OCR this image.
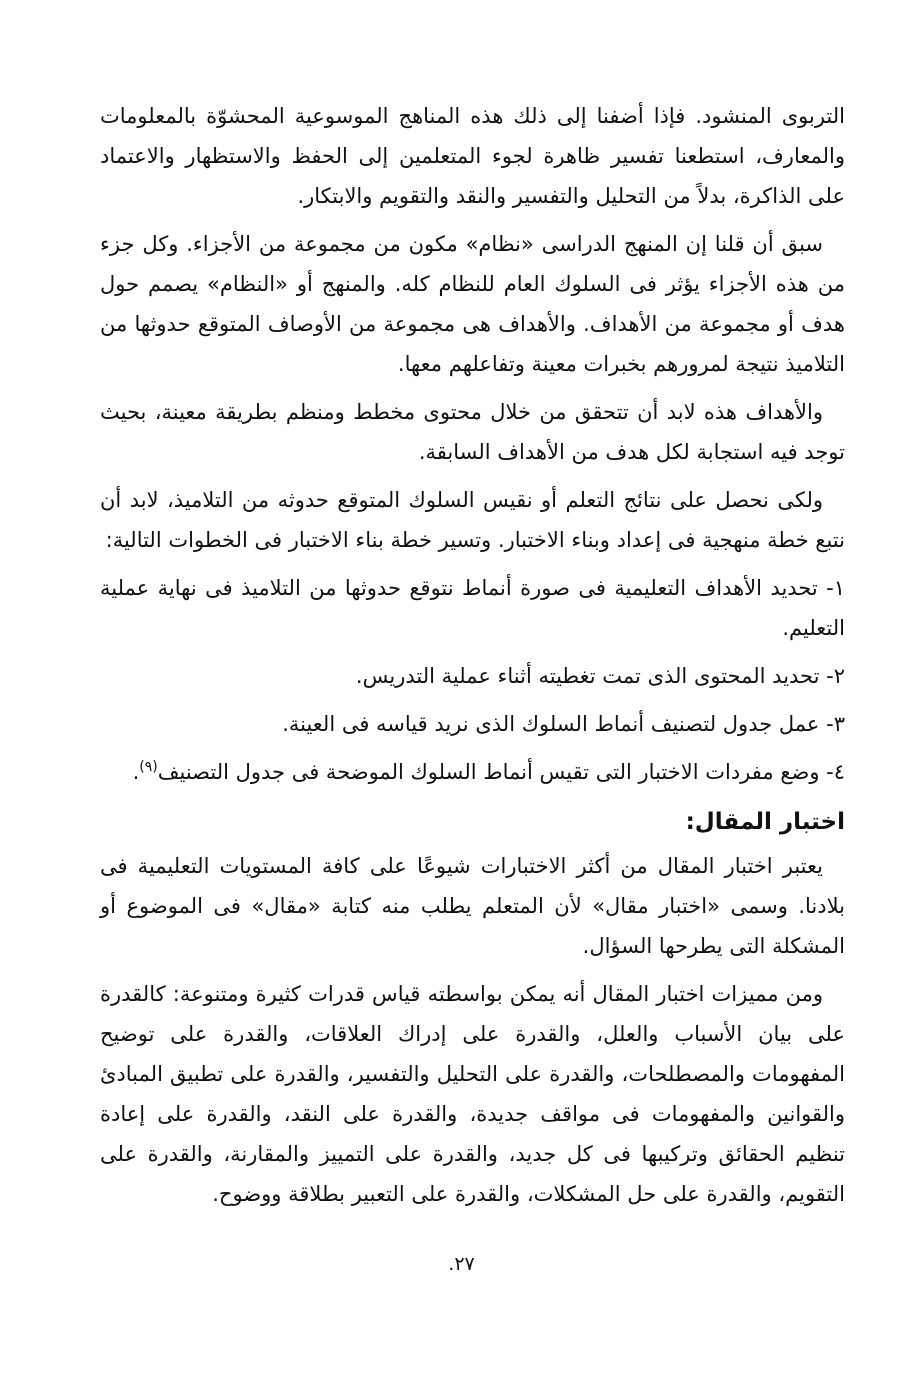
التربوى المنشود. فإذا أضفنا إلى ذلك هذه المناهج الموسوعية المحشوّة بالمعلومات والمعارف، استطعنا تفسير ظاهرة لجوء المتعلمين إلى الحفظ والاستظهار والاعتماد على الذاكرة، بدلاً من التحليل والتفسير والنقد والتقويم والابتكار.

سبق أن قلنا إن المنهج الدراسى «نظام» مكون من مجموعة من الأجزاء. وكل جزء من هذه الأجزاء يؤثر فى السلوك العام للنظام كله. والمنهج أو «النظام» يصمم حول هدف أو مجموعة من الأهداف. والأهداف هى مجموعة من الأوصاف المتوقع حدوثها من التلاميذ نتيجة لمرورهم بخبرات معينة وتفاعلهم معها.

والأهداف هذه لابد أن تتحقق من خلال محتوى مخطط ومنظم بطريقة معينة، بحيث توجد فيه استجابة لكل هدف من الأهداف السابقة.

ولكى نحصل على نتائج التعلم أو نقيس السلوك المتوقع حدوثه من التلاميذ، لابد أن نتبع خطة منهجية فى إعداد وبناء الاختبار. وتسير خطة بناء الاختبار فى الخطوات التالية:

١- تحديد الأهداف التعليمية فى صورة أنماط نتوقع حدوثها من التلاميذ فى نهاية عملية التعليم.

٢- تحديد المحتوى الذى تمت تغطيته أثناء عملية التدريس.

٣- عمل جدول لتصنيف أنماط السلوك الذى نريد قياسه فى العينة.

٤- وضع مفردات الاختبار التى تقيس أنماط السلوك الموضحة فى جدول التصنيف$^{(٩)}$.

اختبار المقال:

يعتبر اختبار المقال من أكثر الاختبارات شيوعًا على كافة المستويات التعليمية فى بلادنا. وسمى «اختبار مقال» لأن المتعلم يطلب منه كتابة «مقال» فى الموضوع أو المشكلة التى يطرحها السؤال.

ومن مميزات اختبار المقال أنه يمكن بواسطته قياس قدرات كثيرة ومتنوعة: كالقدرة على بيان الأسباب والعلل، والقدرة على إدراك العلاقات، والقدرة على توضيح المفهومات والمصطلحات، والقدرة على التحليل والتفسير، والقدرة على تطبيق المبادئ والقوانين والمفهومات فى مواقف جديدة، والقدرة على النقد، والقدرة على إعادة تنظيم الحقائق وتركيبها فى كل جديد، والقدرة على التمييز والمقارنة، والقدرة على التقويم، والقدرة على حل المشكلات، والقدرة على التعبير بطلاقة ووضوح.

٢٧.
